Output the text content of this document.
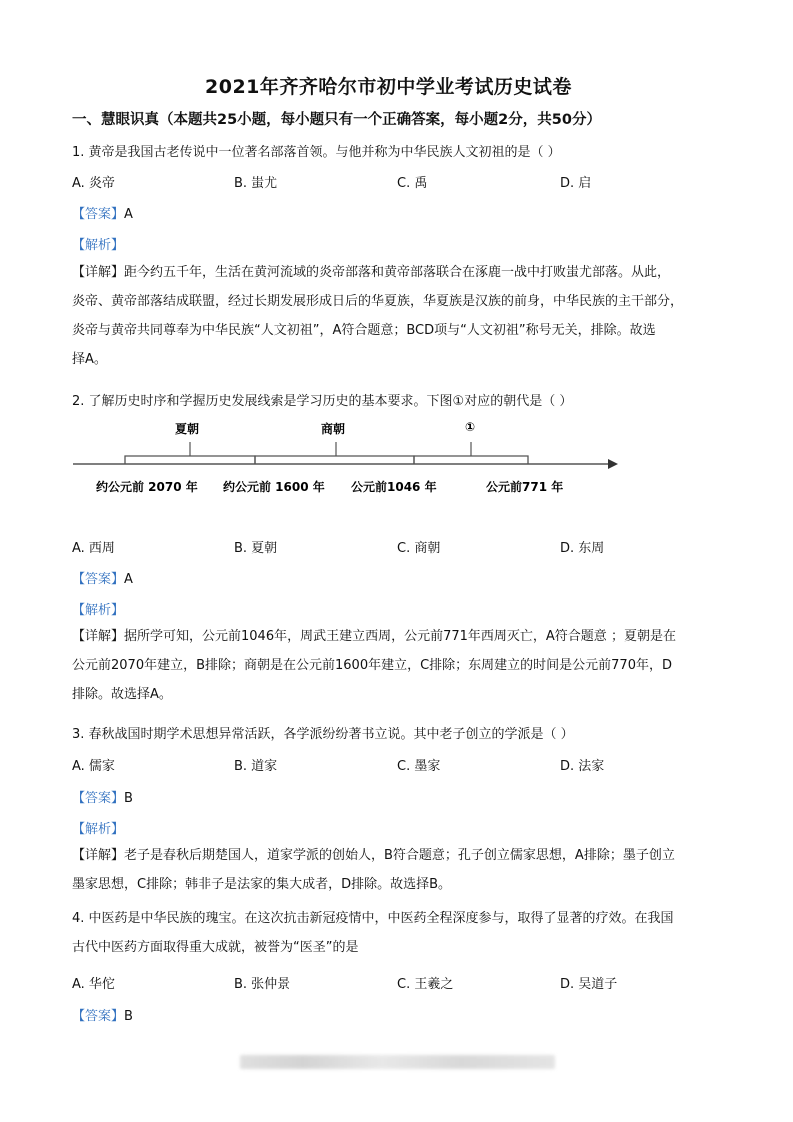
2021年齐齐哈尔市初中学业考试历史试卷
一、慧眼识真（本题共25小题，每小题只有一个正确答案，每小题2分，共50分）
1. 黄帝是我国古老传说中一位著名部落首领。与他并称为中华民族人文初祖的是（ ）
A. 炎帝	B. 蚩尤	C. 禹	D. 启
【答案】A
【解析】
【详解】距今约五千年，生活在黄河流域的炎帝部落和黄帝部落联合在涿鹿一战中打败蚩尤部落。从此，
炎帝、黄帝部落结成联盟，经过长期发展形成日后的华夏族，华夏族是汉族的前身，中华民族的主干部分，
炎帝与黄帝共同尊奉为中华民族“人文初祖”，A符合题意；BCD项与“人文初祖”称号无关，排除。故选
择A。
2. 了解历史时序和学握历史发展线索是学习历史的基本要求。下图①对应的朝代是（ ）
夏朝	商朝	①
约公元前 2070 年 约公元前 1600 年 公元前1046 年	公元前771 年
A. 西周	B. 夏朝	C. 商朝	D. 东周
【答案】A
【解析】
【详解】据所学可知，公元前1046年，周武王建立西周，公元前771年西周灭亡，A符合题意 ；夏朝是在
公元前2070年建立，B排除；商朝是在公元前1600年建立，C排除；东周建立的时间是公元前770年，D
排除。故选择A。
3. 春秋战国时期学术思想异常活跃，各学派纷纷著书立说。其中老子创立的学派是（ ）
A. 儒家	B. 道家	C. 墨家	D. 法家
【答案】B
【解析】
【详解】老子是春秋后期楚国人，道家学派的创始人，B符合题意；孔子创立儒家思想，A排除；墨子创立
墨家思想，C排除；韩非子是法家的集大成者，D排除。故选择B。
4. 中医药是中华民族的瑰宝。在这次抗击新冠疫情中，中医药全程深度参与，取得了显著的疗效。在我国
古代中医药方面取得重大成就，被誉为“医圣”的是
A. 华佗	B. 张仲景	C. 王羲之	D. 吴道子
【答案】B
